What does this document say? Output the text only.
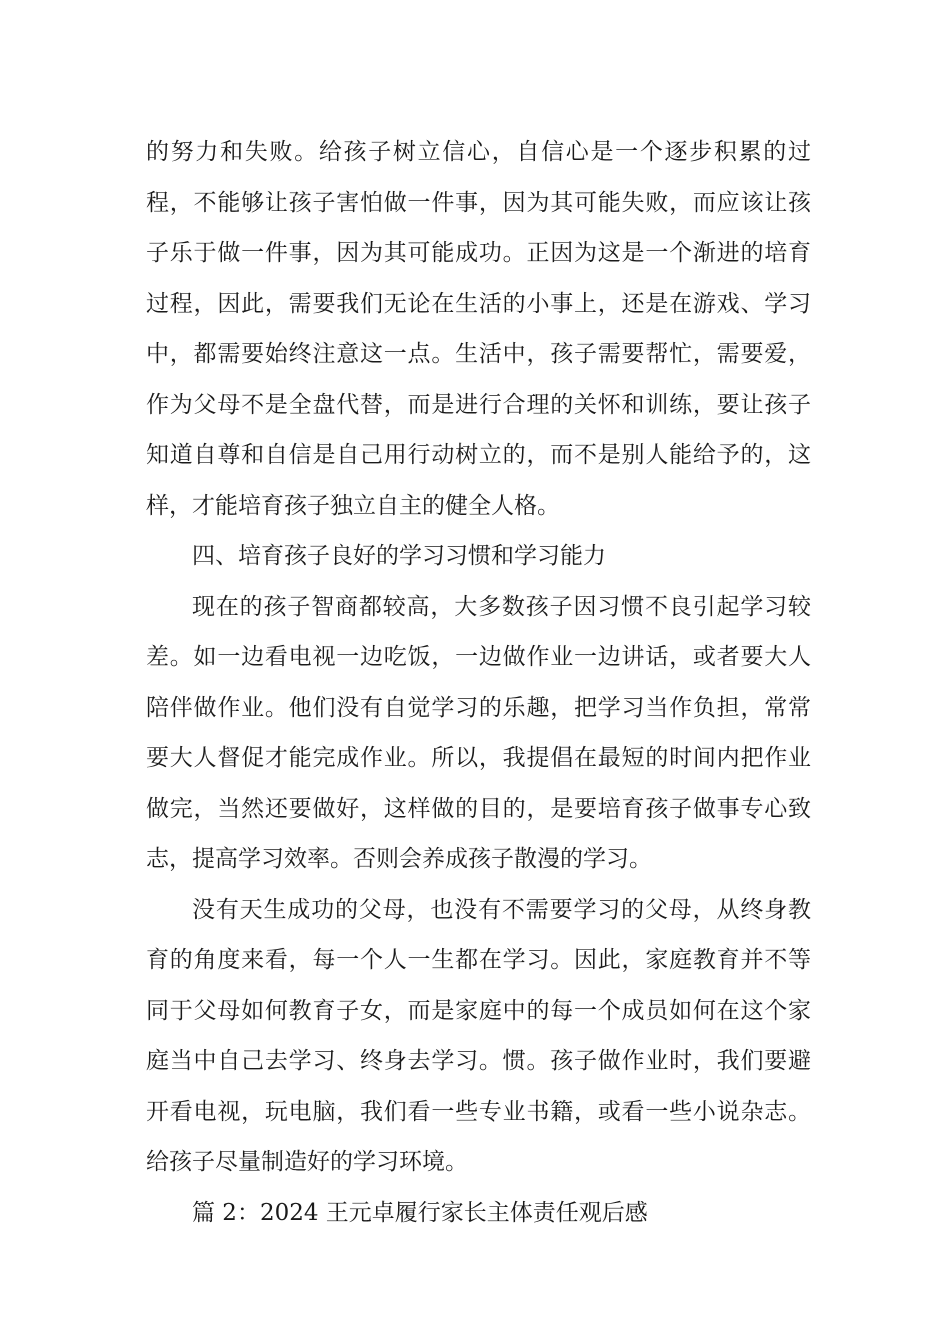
的努力和失败。给孩子树立信心，自信心是一个逐步积累的过程，不能够让孩子害怕做一件事，因为其可能失败，而应该让孩子乐于做一件事，因为其可能成功。正因为这是一个渐进的培育过程，因此，需要我们无论在生活的小事上，还是在游戏、学习中，都需要始终注意这一点。生活中，孩子需要帮忙，需要爱，作为父母不是全盘代替，而是进行合理的关怀和训练，要让孩子知道自尊和自信是自己用行动树立的，而不是别人能给予的，这样，才能培育孩子独立自主的健全人格。

四、培育孩子良好的学习习惯和学习能力

现在的孩子智商都较高，大多数孩子因习惯不良引起学习较差。如一边看电视一边吃饭，一边做作业一边讲话，或者要大人陪伴做作业。他们没有自觉学习的乐趣，把学习当作负担，常常要大人督促才能完成作业。所以，我提倡在最短的时间内把作业做完，当然还要做好，这样做的目的，是要培育孩子做事专心致志，提高学习效率。否则会养成孩子散漫的学习。

没有天生成功的父母，也没有不需要学习的父母，从终身教育的角度来看，每一个人一生都在学习。因此，家庭教育并不等同于父母如何教育子女，而是家庭中的每一个成员如何在这个家庭当中自己去学习、终身去学习。惯。孩子做作业时，我们要避开看电视，玩电脑，我们看一些专业书籍，或看一些小说杂志。给孩子尽量制造好的学习环境。

篇 2：2024 王元卓履行家长主体责任观后感
